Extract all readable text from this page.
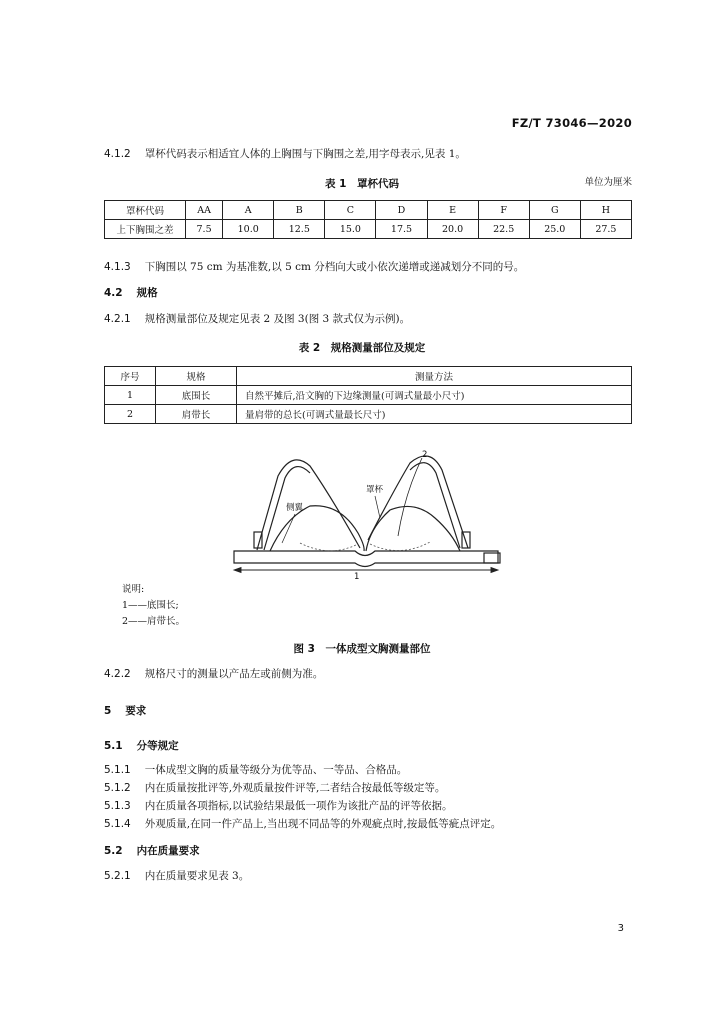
FZ/T 73046—2020
4.1.2 罩杯代码表示相适宜人体的上胸围与下胸围之差,用字母表示,见表 1。
表 1　罩杯代码	单位为厘米
罩杯代码	AA	A	B	C	D	E	F	G	H
上下胸围之差	7.5	10.0	12.5	15.0	17.5	20.0	22.5	25.0	27.5
4.1.3 下胸围以 75 cm 为基准数,以 5 cm 分档向大或小依次递增或递减划分不同的号。
4.2 规格
4.2.1 规格测量部位及规定见表 2 及图 3(图 3 款式仅为示例)。
表 2　规格测量部位及规定
序号	规格	测量方法
1	底围长	自然平摊后,沿文胸的下边缘测量(可调式量最小尺寸)
2	肩带长	量肩带的总长(可调式量最长尺寸)
侧翼
罩杯
1
2
说明:
1——底围长;
2——肩带长。
图 3　一体成型文胸测量部位
4.2.2 规格尺寸的测量以产品左或前侧为准。
5 要求
5.1 分等规定
5.1.1 一体成型文胸的质量等级分为优等品、一等品、合格品。
5.1.2 内在质量按批评等,外观质量按件评等,二者结合按最低等级定等。
5.1.3 内在质量各项指标,以试验结果最低一项作为该批产品的评等依据。
5.1.4 外观质量,在同一件产品上,当出现不同品等的外观疵点时,按最低等疵点评定。
5.2 内在质量要求
5.2.1 内在质量要求见表 3。
3
